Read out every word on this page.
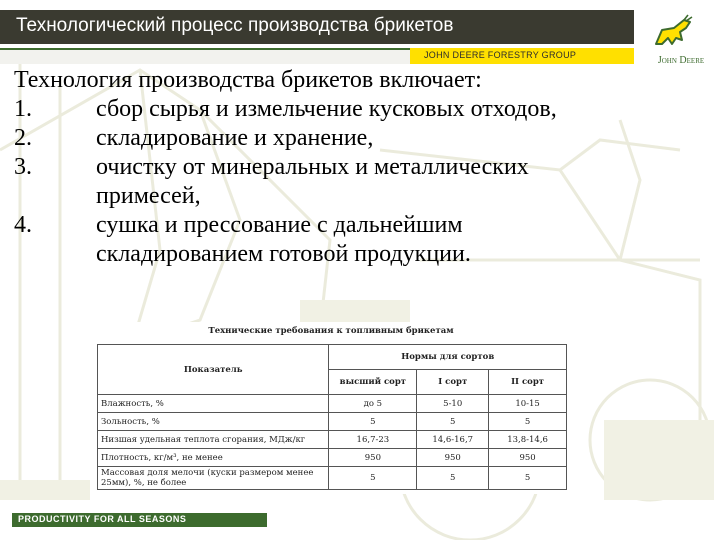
Технологический процесс производства брикетов
JOHN DEERE FORESTRY GROUP	John Deere

Технология производства брикетов включает:

1.	сбор сырья и измельчение кусковых отходов,
2.	складирование и хранение,
3.	очистку от минеральных и металлических примесей,
4.	сушка и прессование с дальнейшим складированием готовой продукции.
Технические требования к топливным брикетам
Показатель	Нормы для сортов		
	высший сорт	I сорт	II сорт
Влажность, %	до 5	5-10	10-15
Зольность, %	5	5	5
Низшая удельная теплота сгорания, МДж/кг	16,7-23	14,6-16,7	13,8-14,6
Плотность, кг/м³, не менее	950	950	950
Массовая доля мелочи (куски размером менее 25мм), %, не более	5	5	5
PRODUCTIVITY FOR ALL SEASONS
